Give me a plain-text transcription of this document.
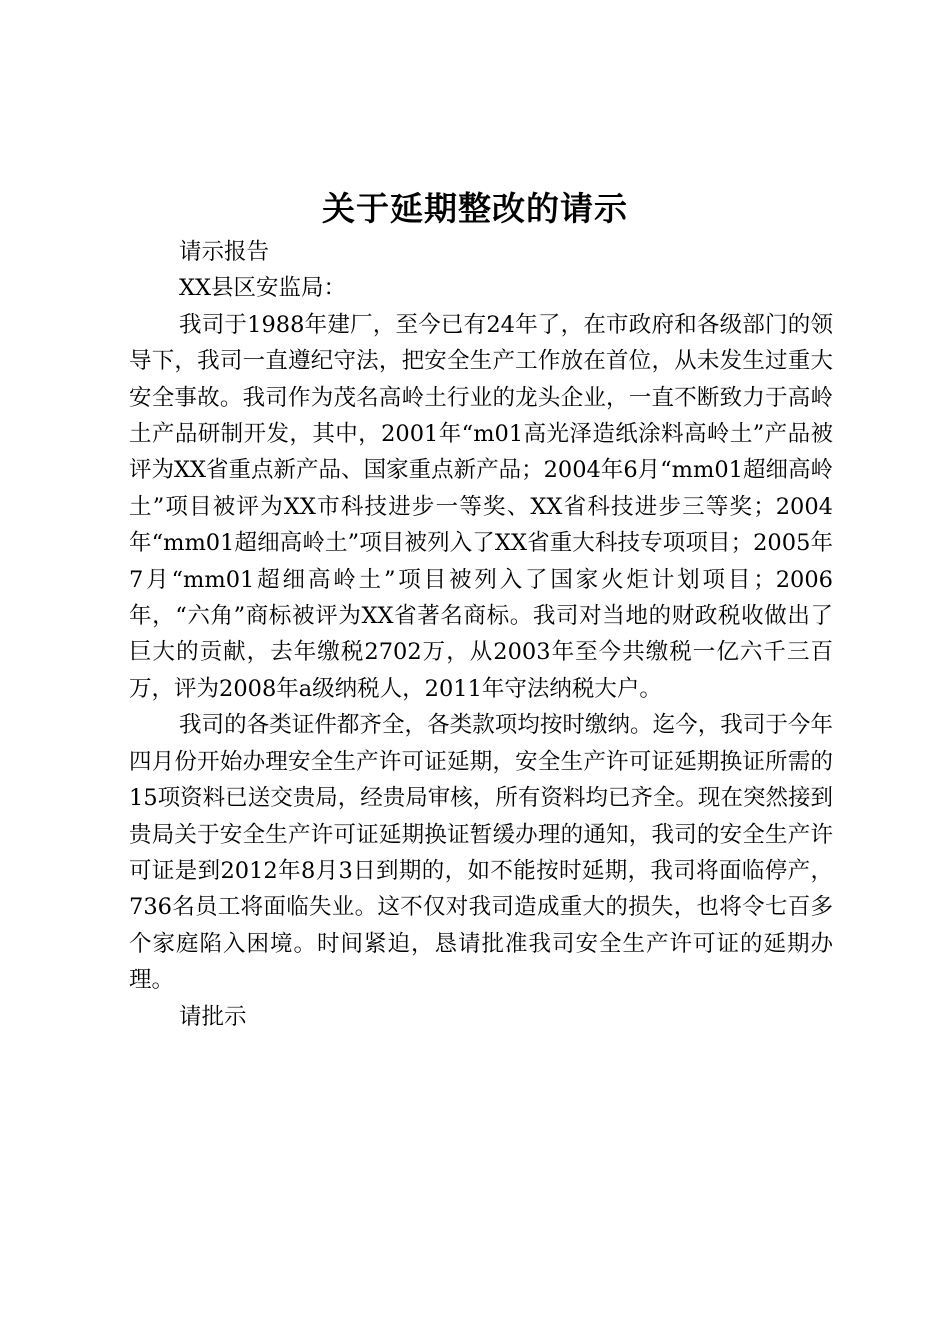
关于延期整改的请示

请示报告

XX县区安监局：

我司于1988年建厂，至今已有24年了，在市政府和各级部门的领导下，我司一直遵纪守法，把安全生产工作放在首位，从未发生过重大安全事故。我司作为茂名高岭土行业的龙头企业，一直不断致力于高岭土产品研制开发，其中，2001年“m01高光泽造纸涂料高岭土”产品被评为XX省重点新产品、国家重点新产品；2004年6月“mm01超细高岭土”项目被评为XX市科技进步一等奖、XX省科技进步三等奖；2004年“mm01超细高岭土”项目被列入了XX省重大科技专项项目；2005年7月“mm01超细高岭土”项目被列入了国家火炬计划项目；2006年，“六角”商标被评为XX省著名商标。我司对当地的财政税收做出了巨大的贡献，去年缴税2702万，从2003年至今共缴税一亿六千三百万，评为2008年a级纳税人，2011年守法纳税大户。

我司的各类证件都齐全，各类款项均按时缴纳。迄今，我司于今年四月份开始办理安全生产许可证延期，安全生产许可证延期换证所需的15项资料已送交贵局，经贵局审核，所有资料均已齐全。现在突然接到贵局关于安全生产许可证延期换证暂缓办理的通知，我司的安全生产许可证是到2012年8月3日到期的，如不能按时延期，我司将面临停产，736名员工将面临失业。这不仅对我司造成重大的损失，也将令七百多个家庭陷入困境。时间紧迫，恳请批准我司安全生产许可证的延期办理。

请批示
